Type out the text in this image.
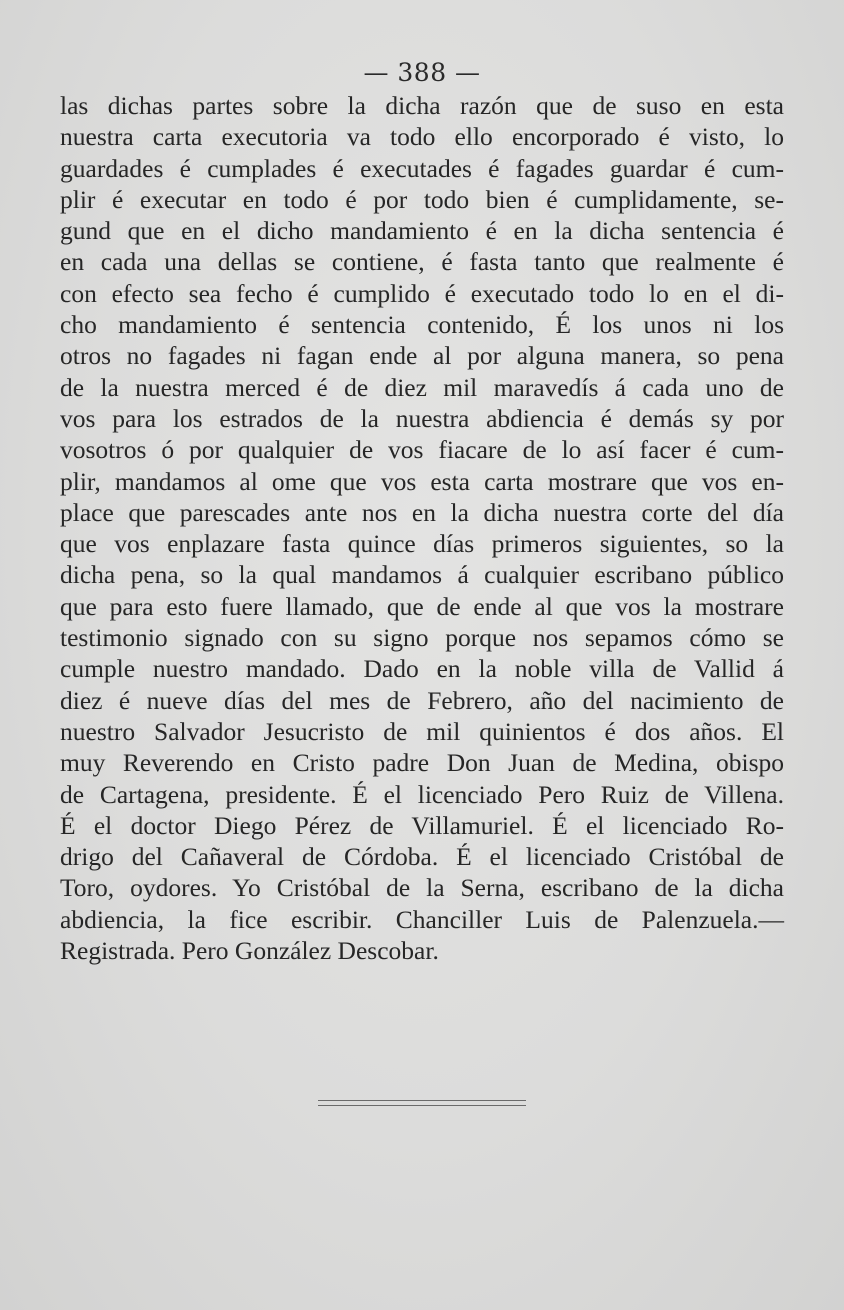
— 388 —
las dichas partes sobre la dicha razón que de suso en esta
nuestra carta executoria va todo ello encorporado é visto, lo
guardades é cumplades é executades é fagades guardar é cum-
plir é executar en todo é por todo bien é cumplidamente, se-
gund que en el dicho mandamiento é en la dicha sentencia é
en cada una dellas se contiene, é fasta tanto que realmente é
con efecto sea fecho é cumplido é executado todo lo en el di-
cho mandamiento é sentencia contenido, É los unos ni los
otros no fagades ni fagan ende al por alguna manera, so pena
de la nuestra merced é de diez mil maravedís á cada uno de
vos para los estrados de la nuestra abdiencia é demás sy por
vosotros ó por qualquier de vos fiacare de lo así facer é cum-
plir, mandamos al ome que vos esta carta mostrare que vos en-
place que parescades ante nos en la dicha nuestra corte del día
que vos enplazare fasta quince días primeros siguientes, so la
dicha pena, so la qual mandamos á cualquier escribano público
que para esto fuere llamado, que de ende al que vos la mostrare
testimonio signado con su signo porque nos sepamos cómo se
cumple nuestro mandado. Dado en la noble villa de Vallid á
diez é nueve días del mes de Febrero, año del nacimiento de
nuestro Salvador Jesucristo de mil quinientos é dos años. El
muy Reverendo en Cristo padre Don Juan de Medina, obispo
de Cartagena, presidente. É el licenciado Pero Ruiz de Villena.
É el doctor Diego Pérez de Villamuriel. É el licenciado Ro-
drigo del Cañaveral de Córdoba. É el licenciado Cristóbal de
Toro, oydores. Yo Cristóbal de la Serna, escribano de la dicha
abdiencia, la fice escribir. Chanciller Luis de Palenzuela.—
Registrada. Pero González Descobar.
